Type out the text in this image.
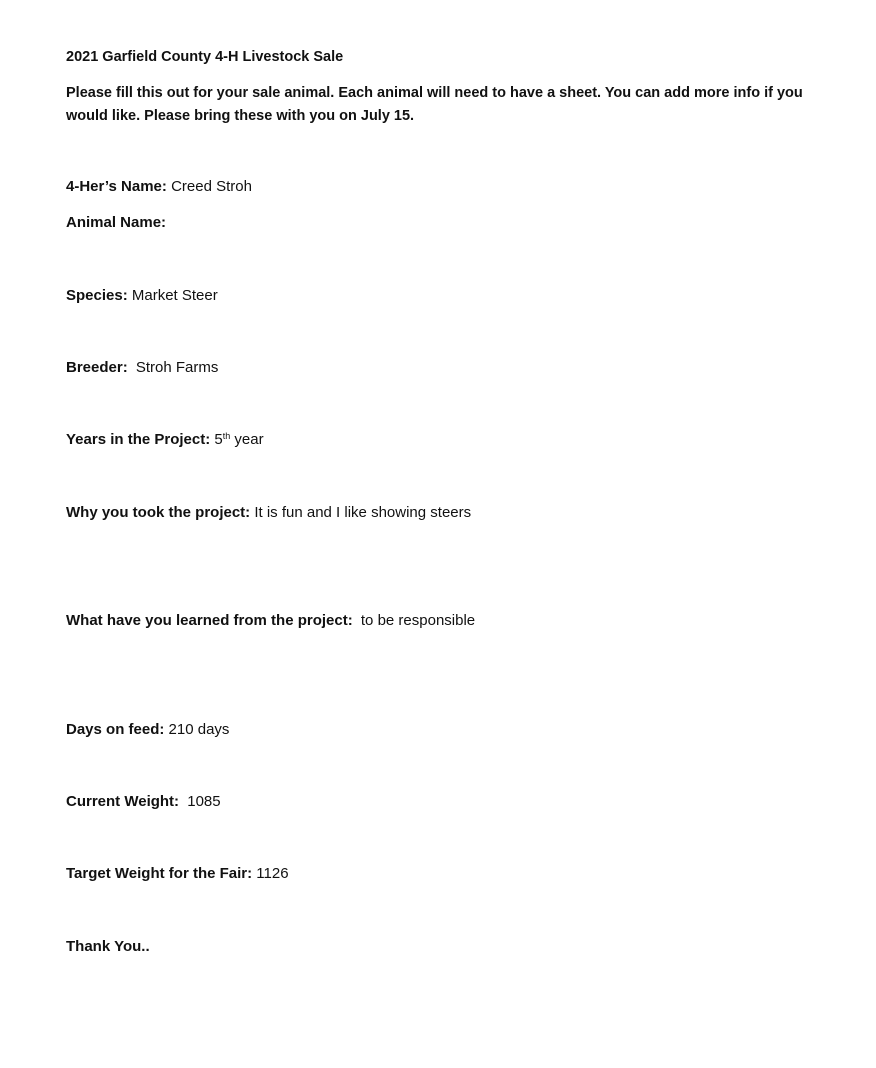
2021 Garfield County 4-H Livestock Sale
Please fill this out for your sale animal. Each animal will need to have a sheet. You can add more info if you would like. Please bring these with you on July 15.
4-Her’s Name: Creed Stroh
Animal Name:
Species: Market Steer
Breeder: Stroh Farms
Years in the Project: 5th year
Why you took the project: It is fun and I like showing steers
What have you learned from the project: to be responsible
Days on feed: 210 days
Current Weight: 1085
Target Weight for the Fair: 1126
Thank You..
